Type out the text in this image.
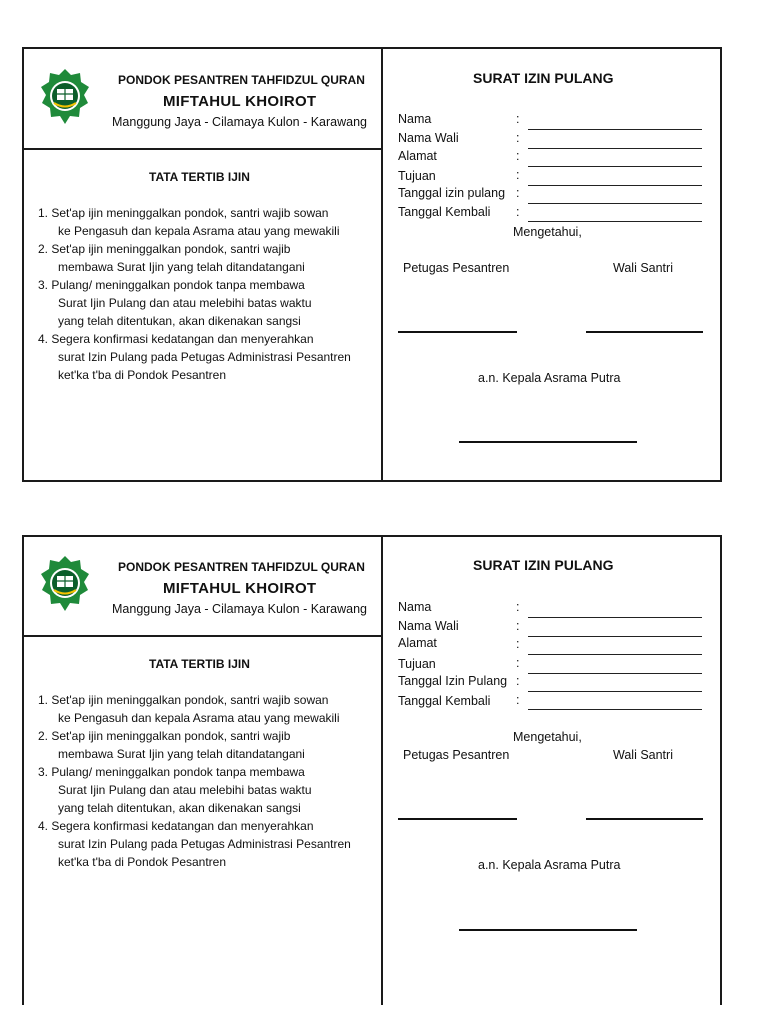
PONDOK PESANTREN TAHFIDZUL QURAN
MIFTAHUL KHOIROT
Manggung Jaya - Cilamaya Kulon - Karawang
TATA TERTIB IJIN
1. Set'ap ijin meninggalkan pondok, santri wajib sowan
ke Pengasuh dan kepala Asrama atau yang mewakili
2. Set'ap ijin meninggalkan pondok, santri wajib
membawa Surat Ijin yang telah ditandatangani
3. Pulang/ meninggalkan pondok tanpa membawa
Surat Ijin Pulang dan atau melebihi batas waktu
yang telah ditentukan, akan dikenakan sangsi
4. Segera konfirmasi kedatangan dan menyerahkan
surat Izin Pulang pada Petugas Administrasi Pesantren
ket'ka t'ba di Pondok Pesantren
SURAT IZIN PULANG
Nama	:
Nama Wali	:
Alamat	:
Tujuan	:
Tanggal izin pulang :
Tanggal Kembali :
Mengetahui,
Petugas Pesantren	Wali Santri
a.n. Kepala Asrama Putra
PONDOK PESANTREN TAHFIDZUL QURAN
MIFTAHUL KHOIROT
Manggung Jaya - Cilamaya Kulon - Karawang
TATA TERTIB IJIN
1. Set'ap ijin meninggalkan pondok, santri wajib sowan
ke Pengasuh dan kepala Asrama atau yang mewakili
2. Set'ap ijin meninggalkan pondok, santri wajib
membawa Surat Ijin yang telah ditandatangani
3. Pulang/ meninggalkan pondok tanpa membawa
Surat Ijin Pulang dan atau melebihi batas waktu
yang telah ditentukan, akan dikenakan sangsi
4. Segera konfirmasi kedatangan dan menyerahkan
surat Izin Pulang pada Petugas Administrasi Pesantren
ket'ka t'ba di Pondok Pesantren
SURAT IZIN PULANG
Nama	:
Nama Wali	:
Alamat	:
Tujuan	:
Tanggal Izin Pulang :
Tanggal Kembali :
Mengetahui,
Petugas Pesantren	Wali Santri
a.n. Kepala Asrama Putra
